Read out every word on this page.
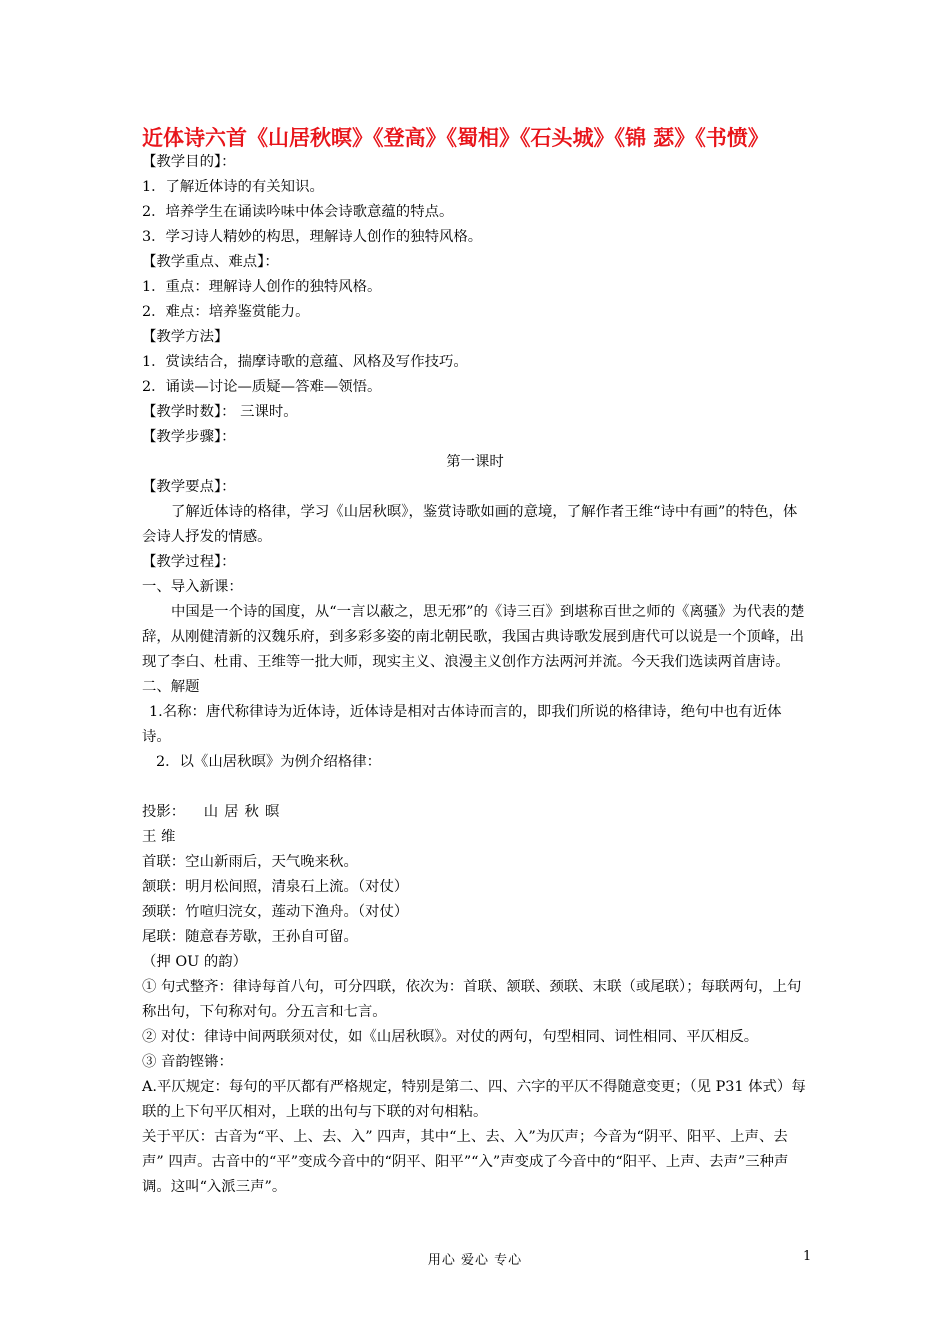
近体诗六首《山居秋暝》《登高》《蜀相》《石头城》《锦 瑟》《书愤》
【教学目的】：
1．了解近体诗的有关知识。
2．培养学生在诵读吟味中体会诗歌意蕴的特点。
3．学习诗人精妙的构思，理解诗人创作的独特风格。
【教学重点、难点】：
1．重点：理解诗人创作的独特风格。
2．难点：培养鉴赏能力。
【教学方法】
1．赏读结合，揣摩诗歌的意蕴、风格及写作技巧。
2．诵读—讨论—质疑—答难—领悟。
【教学时数】： 三课时。
【教学步骤】：
第一课时
【教学要点】：
了解近体诗的格律，学习《山居秋暝》，鉴赏诗歌如画的意境，了解作者王维“诗中有画”的特色，体会诗人抒发的情感。
【教学过程】：
一、导入新课：
中国是一个诗的国度，从“一言以蔽之，思无邪”的《诗三百》到堪称百世之师的《离骚》为代表的楚辞，从刚健清新的汉魏乐府，到多彩多姿的南北朝民歌，我国古典诗歌发展到唐代可以说是一个顶峰，出现了李白、杜甫、王维等一批大师，现实主义、浪漫主义创作方法两河并流。今天我们选读两首唐诗。
二、解题
1.名称：唐代称律诗为近体诗，近体诗是相对古体诗而言的，即我们所说的格律诗，绝句中也有近体诗。
2．以《山居秋暝》为例介绍格律：
投影： 山居秋暝
王 维
首联：空山新雨后，天气晚来秋。
颔联：明月松间照，清泉石上流。（对仗）
颈联：竹喧归浣女，莲动下渔舟。（对仗）
尾联：随意春芳歇，王孙自可留。
（押 OU 的韵）
① 句式整齐：律诗每首八句，可分四联，依次为：首联、颔联、颈联、末联（或尾联）；每联两句，上句称出句，下句称对句。分五言和七言。
② 对仗：律诗中间两联须对仗，如《山居秋暝》。对仗的两句，句型相同、词性相同、平仄相反。
③ 音韵铿锵：
A.平仄规定：每句的平仄都有严格规定，特别是第二、四、六字的平仄不得随意变更；（见 P31 体式）每联的上下句平仄相对，上联的出句与下联的对句相粘。
关于平仄：古音为“平、上、去、入” 四声，其中“上、去、入”为仄声；今音为“阴平、阳平、上声、去声” 四声。古音中的“平”变成今音中的“阴平、阳平”“入”声变成了今音中的“阳平、上声、去声”三种声调。这叫“入派三声”。
用心 爱心 专心	1
